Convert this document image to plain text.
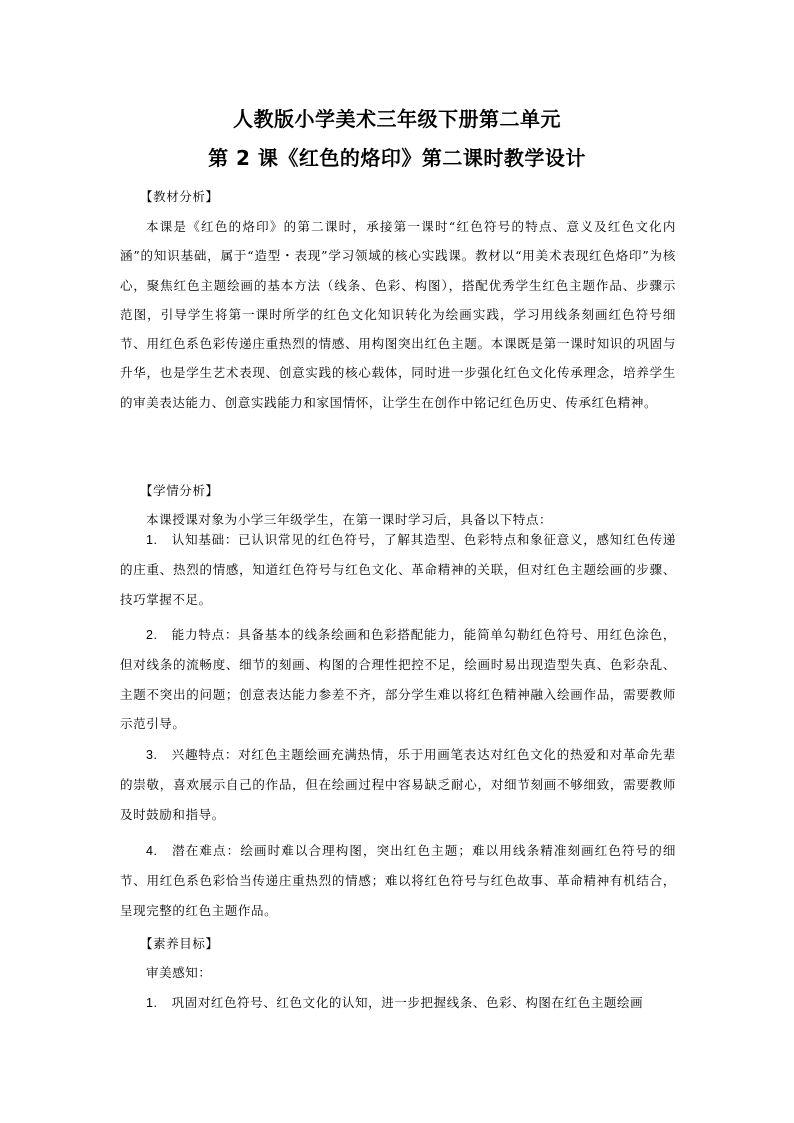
人教版小学美术三年级下册第二单元
第 2 课《红色的烙印》第二课时教学设计

【教材分析】

本课是《红色的烙印》的第二课时，承接第一课时“红色符号的特点、意义及红色文化内涵”的知识基础，属于“造型・表现”学习领域的核心实践课。教材以“用美术表现红色烙印”为核心，聚焦红色主题绘画的基本方法（线条、色彩、构图），搭配优秀学生红色主题作品、步骤示范图，引导学生将第一课时所学的红色文化知识转化为绘画实践，学习用线条刻画红色符号细节、用红色系色彩传递庄重热烈的情感、用构图突出红色主题。本课既是第一课时知识的巩固与升华，也是学生艺术表现、创意实践的核心载体，同时进一步强化红色文化传承理念，培养学生的审美表达能力、创意实践能力和家国情怀，让学生在创作中铭记红色历史、传承红色精神。

【学情分析】

本课授课对象为小学三年级学生，在第一课时学习后，具备以下特点：

1. 认知基础：已认识常见的红色符号，了解其造型、色彩特点和象征意义，感知红色传递的庄重、热烈的情感，知道红色符号与红色文化、革命精神的关联，但对红色主题绘画的步骤、技巧掌握不足。

2. 能力特点：具备基本的线条绘画和色彩搭配能力，能简单勾勒红色符号、用红色涂色，但对线条的流畅度、细节的刻画、构图的合理性把控不足，绘画时易出现造型失真、色彩杂乱、主题不突出的问题；创意表达能力参差不齐，部分学生难以将红色精神融入绘画作品，需要教师示范引导。

3. 兴趣特点：对红色主题绘画充满热情，乐于用画笔表达对红色文化的热爱和对革命先辈的崇敬，喜欢展示自己的作品，但在绘画过程中容易缺乏耐心，对细节刻画不够细致，需要教师及时鼓励和指导。

4. 潜在难点：绘画时难以合理构图，突出红色主题；难以用线条精准刻画红色符号的细节、用红色系色彩恰当传递庄重热烈的情感；难以将红色符号与红色故事、革命精神有机结合，呈现完整的红色主题作品。

【素养目标】

审美感知：

1. 巩固对红色符号、红色文化的认知，进一步把握线条、色彩、构图在红色主题绘画
